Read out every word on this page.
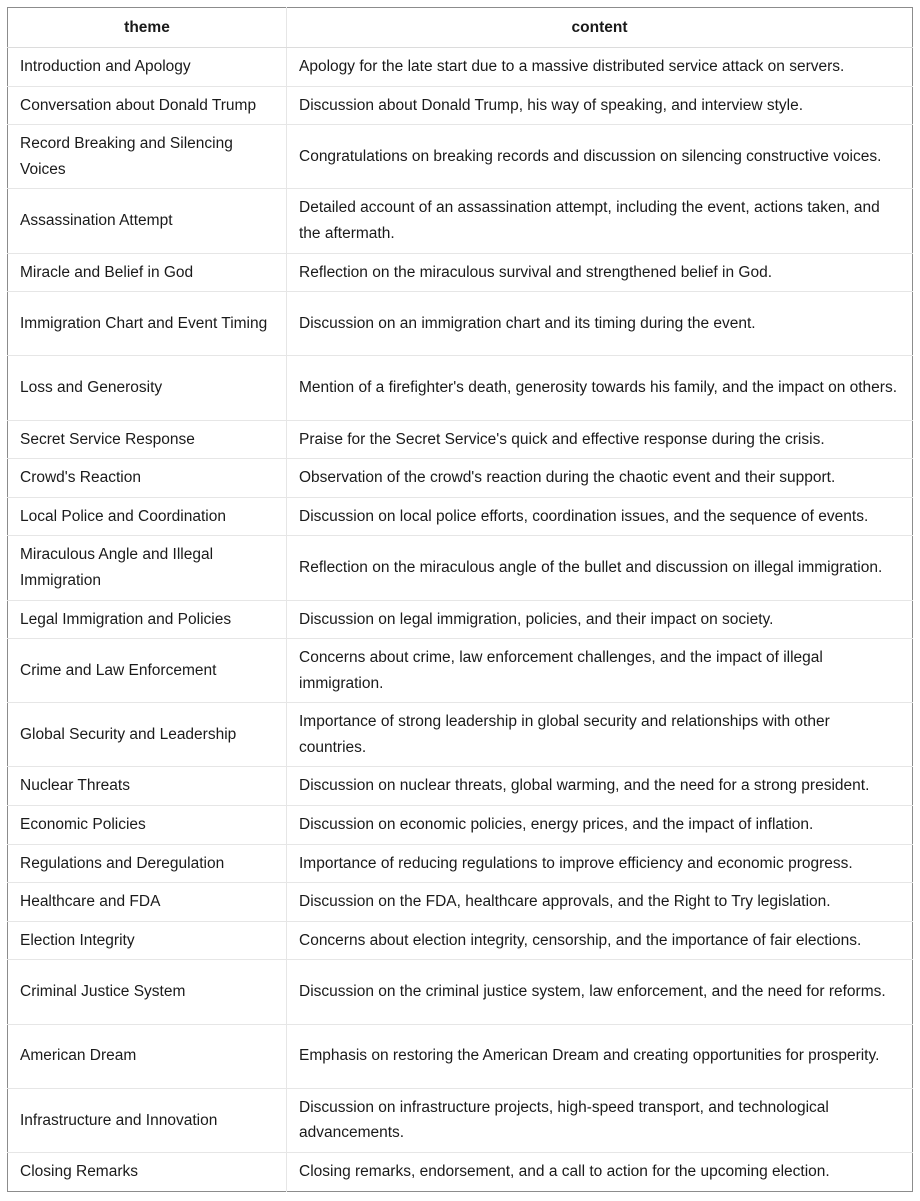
theme	content
Introduction and Apology	Apology for the late start due to a massive distributed service attack on servers.
Conversation about Donald Trump	Discussion about Donald Trump, his way of speaking, and interview style.
Record Breaking and Silencing Voices	Congratulations on breaking records and discussion on silencing constructive voices.
Assassination Attempt	Detailed account of an assassination attempt, including the event, actions taken, and the aftermath.
Miracle and Belief in God	Reflection on the miraculous survival and strengthened belief in God.
Immigration Chart and Event Timing	Discussion on an immigration chart and its timing during the event.
Loss and Generosity	Mention of a firefighter's death, generosity towards his family, and the impact on others.
Secret Service Response	Praise for the Secret Service's quick and effective response during the crisis.
Crowd's Reaction	Observation of the crowd's reaction during the chaotic event and their support.
Local Police and Coordination	Discussion on local police efforts, coordination issues, and the sequence of events.
Miraculous Angle and Illegal Immigration	Reflection on the miraculous angle of the bullet and discussion on illegal immigration.
Legal Immigration and Policies	Discussion on legal immigration, policies, and their impact on society.
Crime and Law Enforcement	Concerns about crime, law enforcement challenges, and the impact of illegal immigration.
Global Security and Leadership	Importance of strong leadership in global security and relationships with other countries.
Nuclear Threats	Discussion on nuclear threats, global warming, and the need for a strong president.
Economic Policies	Discussion on economic policies, energy prices, and the impact of inflation.
Regulations and Deregulation	Importance of reducing regulations to improve efficiency and economic progress.
Healthcare and FDA	Discussion on the FDA, healthcare approvals, and the Right to Try legislation.
Election Integrity	Concerns about election integrity, censorship, and the importance of fair elections.
Criminal Justice System	Discussion on the criminal justice system, law enforcement, and the need for reforms.
American Dream	Emphasis on restoring the American Dream and creating opportunities for prosperity.
Infrastructure and Innovation	Discussion on infrastructure projects, high-speed transport, and technological advancements.
Closing Remarks	Closing remarks, endorsement, and a call to action for the upcoming election.
